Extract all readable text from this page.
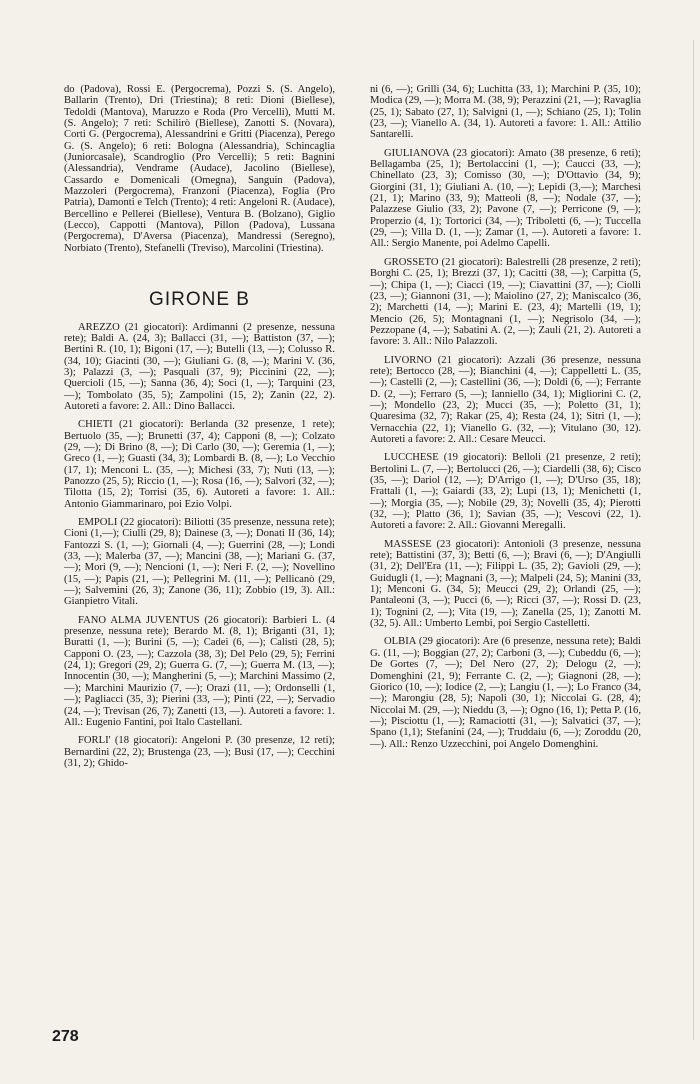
do (Padova), Rossi E. (Pergocrema), Pozzi S. (S. Angelo), Ballarin (Trento), Dri (Triestina); 8 reti: Dioni (Biellese), Tedoldi (Mantova), Maruzzo e Roda (Pro Vercelli), Mutti M. (S. Angelo); 7 reti: Schilirò (Biellese), Zanotti S. (Novara), Corti G. (Pergocrema), Alessandrini e Gritti (Piacenza), Perego G. (S. Angelo); 6 reti: Bologna (Alessandria), Schincaglia (Juniorcasale), Scandroglio (Pro Vercelli); 5 reti: Bagnini (Alessandria), Vendrame (Audace), Jacolino (Biellese), Cassardo e Domenicali (Omegna), Sanguin (Padova), Mazzoleri (Pergocrema), Franzoni (Piacenza), Foglia (Pro Patria), Damonti e Telch (Trento); 4 reti: Angeloni R. (Audace), Bercellino e Pellerei (Biellese), Ventura B. (Bolzano), Giglio (Lecco), Cappotti (Mantova), Pillon (Padova), Lussana (Pergocrema), D'Aversa (Piacenza), Mandressi (Seregno), Norbiato (Trento), Stefanelli (Treviso), Marcolini (Triestina).

GIRONE B

AREZZO (21 giocatori): Ardimanni (2 presenze, nessuna rete); Baldi A. (24, 3); Ballacci (31, —); Battiston (37, —); Bertini R. (10, 1); Bigoni (17, —); Butelli (13, —); Colusso R. (34, 10); Giacinti (30, —); Giuliani G. (8, —); Marini V. (36, 3); Palazzi (3, —); Pasquali (37, 9); Piccinini (22, —); Quercioli (15, —); Sanna (36, 4); Soci (1, —); Tarquini (23, —); Tombolato (35, 5); Zampolini (15, 2); Zanin (22, 2). Autoreti a favore: 2. All.: Dino Ballacci.

CHIETI (21 giocatori): Berlanda (32 presenze, 1 rete); Bertuolo (35, —); Brunetti (37, 4); Capponi (8, —); Colzato (29, —); Di Brino (8, —); Di Carlo (30, —); Geremia (1, —); Greco (1, —); Guasti (34, 3); Lombardi B. (8, —); Lo Vecchio (17, 1); Menconi L. (35, —); Michesi (33, 7); Nuti (13, —); Panozzo (25, 5); Riccio (1, —); Rosa (16, —); Salvori (32, —); Tilotta (15, 2); Torrisi (35, 6). Autoreti a favore: 1. All.: Antonio Giammarinaro, poi Ezio Volpi.

EMPOLI (22 giocatori): Biliotti (35 presenze, nessuna rete); Cioni (1,—); Ciulli (29, 8); Dainese (3, —); Donati II (36, 14); Fantozzi S. (1, —); Giornali (4, —); Guerrini (28, —); Londi (33, —); Malerba (37, —); Mancini (38, —); Mariani G. (37, —); Mori (9, —); Nencioni (1, —); Neri F. (2, —); Novellino (15, —); Papis (21, —); Pellegrini M. (11, —); Pellicanò (29, —); Salvemini (26, 3); Zanone (36, 11); Zobbio (19, 3). All.: Gianpietro Vitali.

FANO ALMA JUVENTUS (26 giocatori): Barbieri L. (4 presenze, nessuna rete); Berardo M. (8, 1); Briganti (31, 1); Buratti (1, —); Burini (5, —); Cadei (6, —); Calisti (28, 5); Capponi O. (23, —); Cazzola (38, 3); Del Pelo (29, 5); Ferrini (24, 1); Gregori (29, 2); Guerra G. (7, —); Guerra M. (13, —); Innocentin (30, —); Mangherini (5, —); Marchini Massimo (2, —); Marchini Maurizio (7, —); Orazi (11, —); Ordonselli (1, —); Pagliacci (35, 3); Pierini (33, —); Pinti (22, —); Servadio (24, —); Trevisan (26, 7); Zanetti (13, —). Autoreti a favore: 1. All.: Eugenio Fantini, poi Italo Castellani.

FORLI' (18 giocatori): Angeloni P. (30 presenze, 12 reti); Bernardini (22, 2); Brustenga (23, —); Busi (17, —); Cecchini (31, 2); Ghido-

ni (6, —); Grilli (34, 6); Luchitta (33, 1); Marchini P. (35, 10); Modica (29, —); Morra M. (38, 9); Perazzini (21, —); Ravaglia (25, 1); Sabato (27, 1); Salvigni (1, —); Schiano (25, 1); Tolin (23, —); Vianello A. (34, 1). Autoreti a favore: 1. All.: Attilio Santarelli.

GIULIANOVA (23 giocatori): Amato (38 presenze, 6 reti); Bellagamba (25, 1); Bertolaccini (1, —); Caucci (33, —); Chinellato (23, 3); Comisso (30, —); D'Ottavio (34, 9); Giorgini (31, 1); Giuliani A. (10, —); Lepidi (3,—); Marchesi (21, 1); Marino (33, 9); Matteoli (8, —); Nodale (37, —); Palazzese Giulio (33, 2); Pavone (7, —); Perricone (9, —); Properzio (4, 1); Tortorici (34, —); Triboletti (6, —); Tuccella (29, —); Villa D. (1, —); Zamar (1, —). Autoreti a favore: 1. All.: Sergio Manente, poi Adelmo Capelli.

GROSSETO (21 giocatori): Balestrelli (28 presenze, 2 reti); Borghi C. (25, 1); Brezzi (37, 1); Cacitti (38, —); Carpitta (5, —); Chipa (1, —); Ciacci (19, —); Ciavattini (37, —); Ciolli (23, —); Giannoni (31, —); Maiolino (27, 2); Maniscalco (36, 2); Marchetti (14, —); Marini E. (23, 4); Martelli (19, 1); Mencio (26, 5); Montagnani (1, —); Negrisolo (34, —); Pezzopane (4, —); Sabatini A. (2, —); Zauli (21, 2). Autoreti a favore: 3. All.: Nilo Palazzoli.

LIVORNO (21 giocatori): Azzali (36 presenze, nessuna rete); Bertocco (28, —); Bianchini (4, —); Cappelletti L. (35, —); Castelli (2, —); Castellini (36, —); Doldi (6, —); Ferrante D. (2, —); Ferraro (5, —); Ianniello (34, 1); Migliorini C. (2, —); Mondello (23, 2); Mucci (35, —); Poletto (31, 1); Quaresima (32, 7); Rakar (25, 4); Resta (24, 1); Sitri (1, —); Vernacchia (22, 1); Vianello G. (32, —); Vitulano (30, 12). Autoreti a favore: 2. All.: Cesare Meucci.

LUCCHESE (19 giocatori): Belloli (21 presenze, 2 reti); Bertolini L. (7, —); Bertolucci (26, —); Ciardelli (38, 6); Cisco (35, —); Dariol (12, —); D'Arrigo (1, —); D'Urso (35, 18); Frattali (1, —); Gaiardi (33, 2); Lupi (13, 1); Menichetti (1, —); Morgia (35, —); Nobile (29, 3); Novelli (35, 4); Pierotti (32, —); Platto (36, 1); Savian (35, —); Vescovi (22, 1). Autoreti a favore: 2. All.: Giovanni Meregalli.

MASSESE (23 giocatori): Antonioli (3 presenze, nessuna rete); Battistini (37, 3); Betti (6, —); Bravi (6, —); D'Angiulli (31, 2); Dell'Era (11, —); Filippi L. (35, 2); Gavioli (29, —); Guidugli (1, —); Magnani (3, —); Malpeli (24, 5); Manini (33, 1); Menconi G. (34, 5); Meucci (29, 2); Orlandi (25, —); Pantaleoni (3, —); Pucci (6, —); Ricci (37, —); Rossi D. (23, 1); Tognini (2, —); Vita (19, —); Zanella (25, 1); Zanotti M. (32, 5). All.: Umberto Lembi, poi Sergio Castelletti.

OLBIA (29 giocatori): Are (6 presenze, nessuna rete); Baldi G. (11, —); Boggian (27, 2); Carboni (3, —); Cubeddu (6, —); De Gortes (7, —); Del Nero (27, 2); Delogu (2, —); Domenghini (21, 9); Ferrante C. (2, —); Giagnoni (28, —); Giorico (10, —); Iodice (2, —); Langiu (1, —); Lo Franco (34, —); Marongiu (28, 5); Napoli (30, 1); Niccolai G. (28, 4); Niccolai M. (29, —); Nieddu (3, —); Ogno (16, 1); Petta P. (16, —); Pisciottu (1, —); Ramaciotti (31, —); Salvatici (37, —); Spano (1,1); Stefanini (24, —); Truddaiu (6, —); Zoroddu (20, —). All.: Renzo Uzzecchini, poi Angelo Domenghini.

278
